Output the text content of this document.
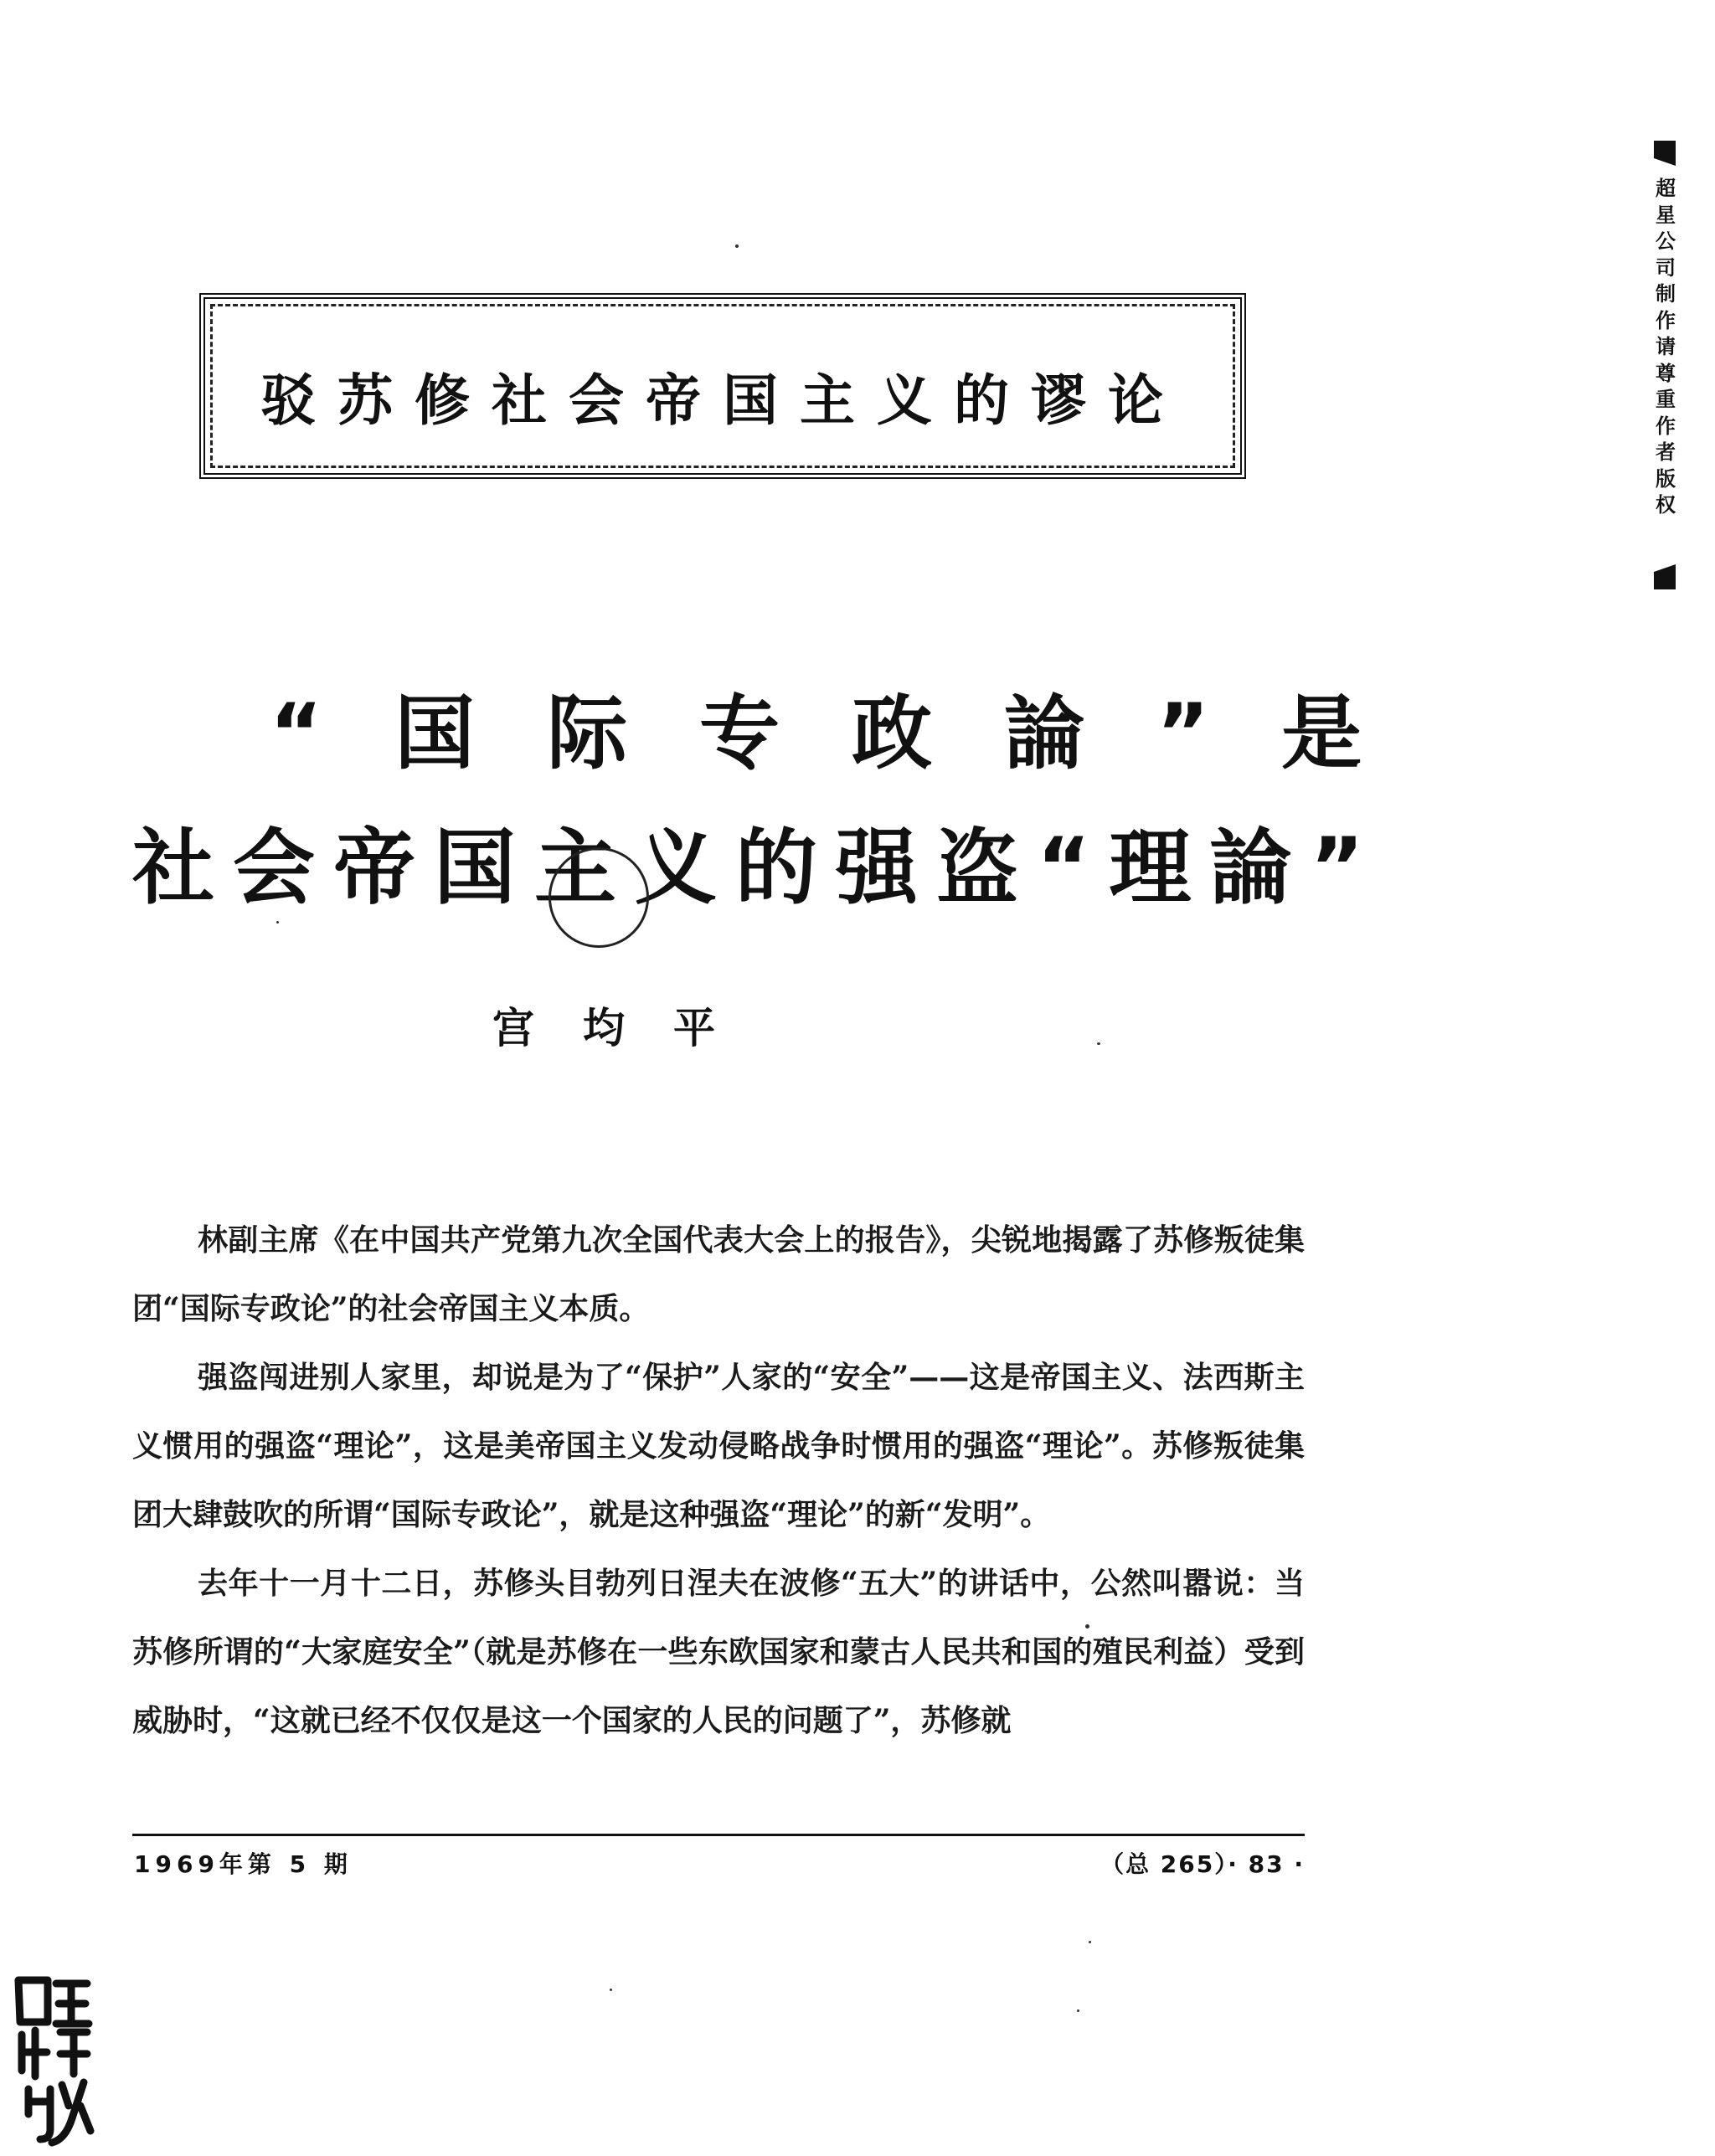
驳苏修社会帝国主义的谬论
“国际专政論”是
社会帝国主义的强盗“理論”
宫均平

林副主席《在中国共产党第九次全国代表大会上的报告》，尖锐地揭露了苏修叛徒集团“国际专政论”的社会帝国主义本质。

强盗闯进别人家里，却说是为了“保护”人家的“安全”——这是帝国主义、法西斯主义惯用的强盗“理论”，这是美帝国主义发动侵略战争时惯用的强盗“理论”。苏修叛徒集团大肆鼓吹的所谓“国际专政论”，就是这种强盗“理论”的新“发明”。

去年十一月十二日，苏修头目勃列日涅夫在波修“五大”的讲话中，公然叫嚣说：当苏修所谓的“大家庭安全”（就是苏修在一些东欧国家和蒙古人民共和国的殖民利益）受到威胁时，“这就已经不仅仅是这一个国家的人民的问题了”，苏修就

1969年第 5 期	（总 265）· 83 ·
超星公司制作请尊重作者版权
